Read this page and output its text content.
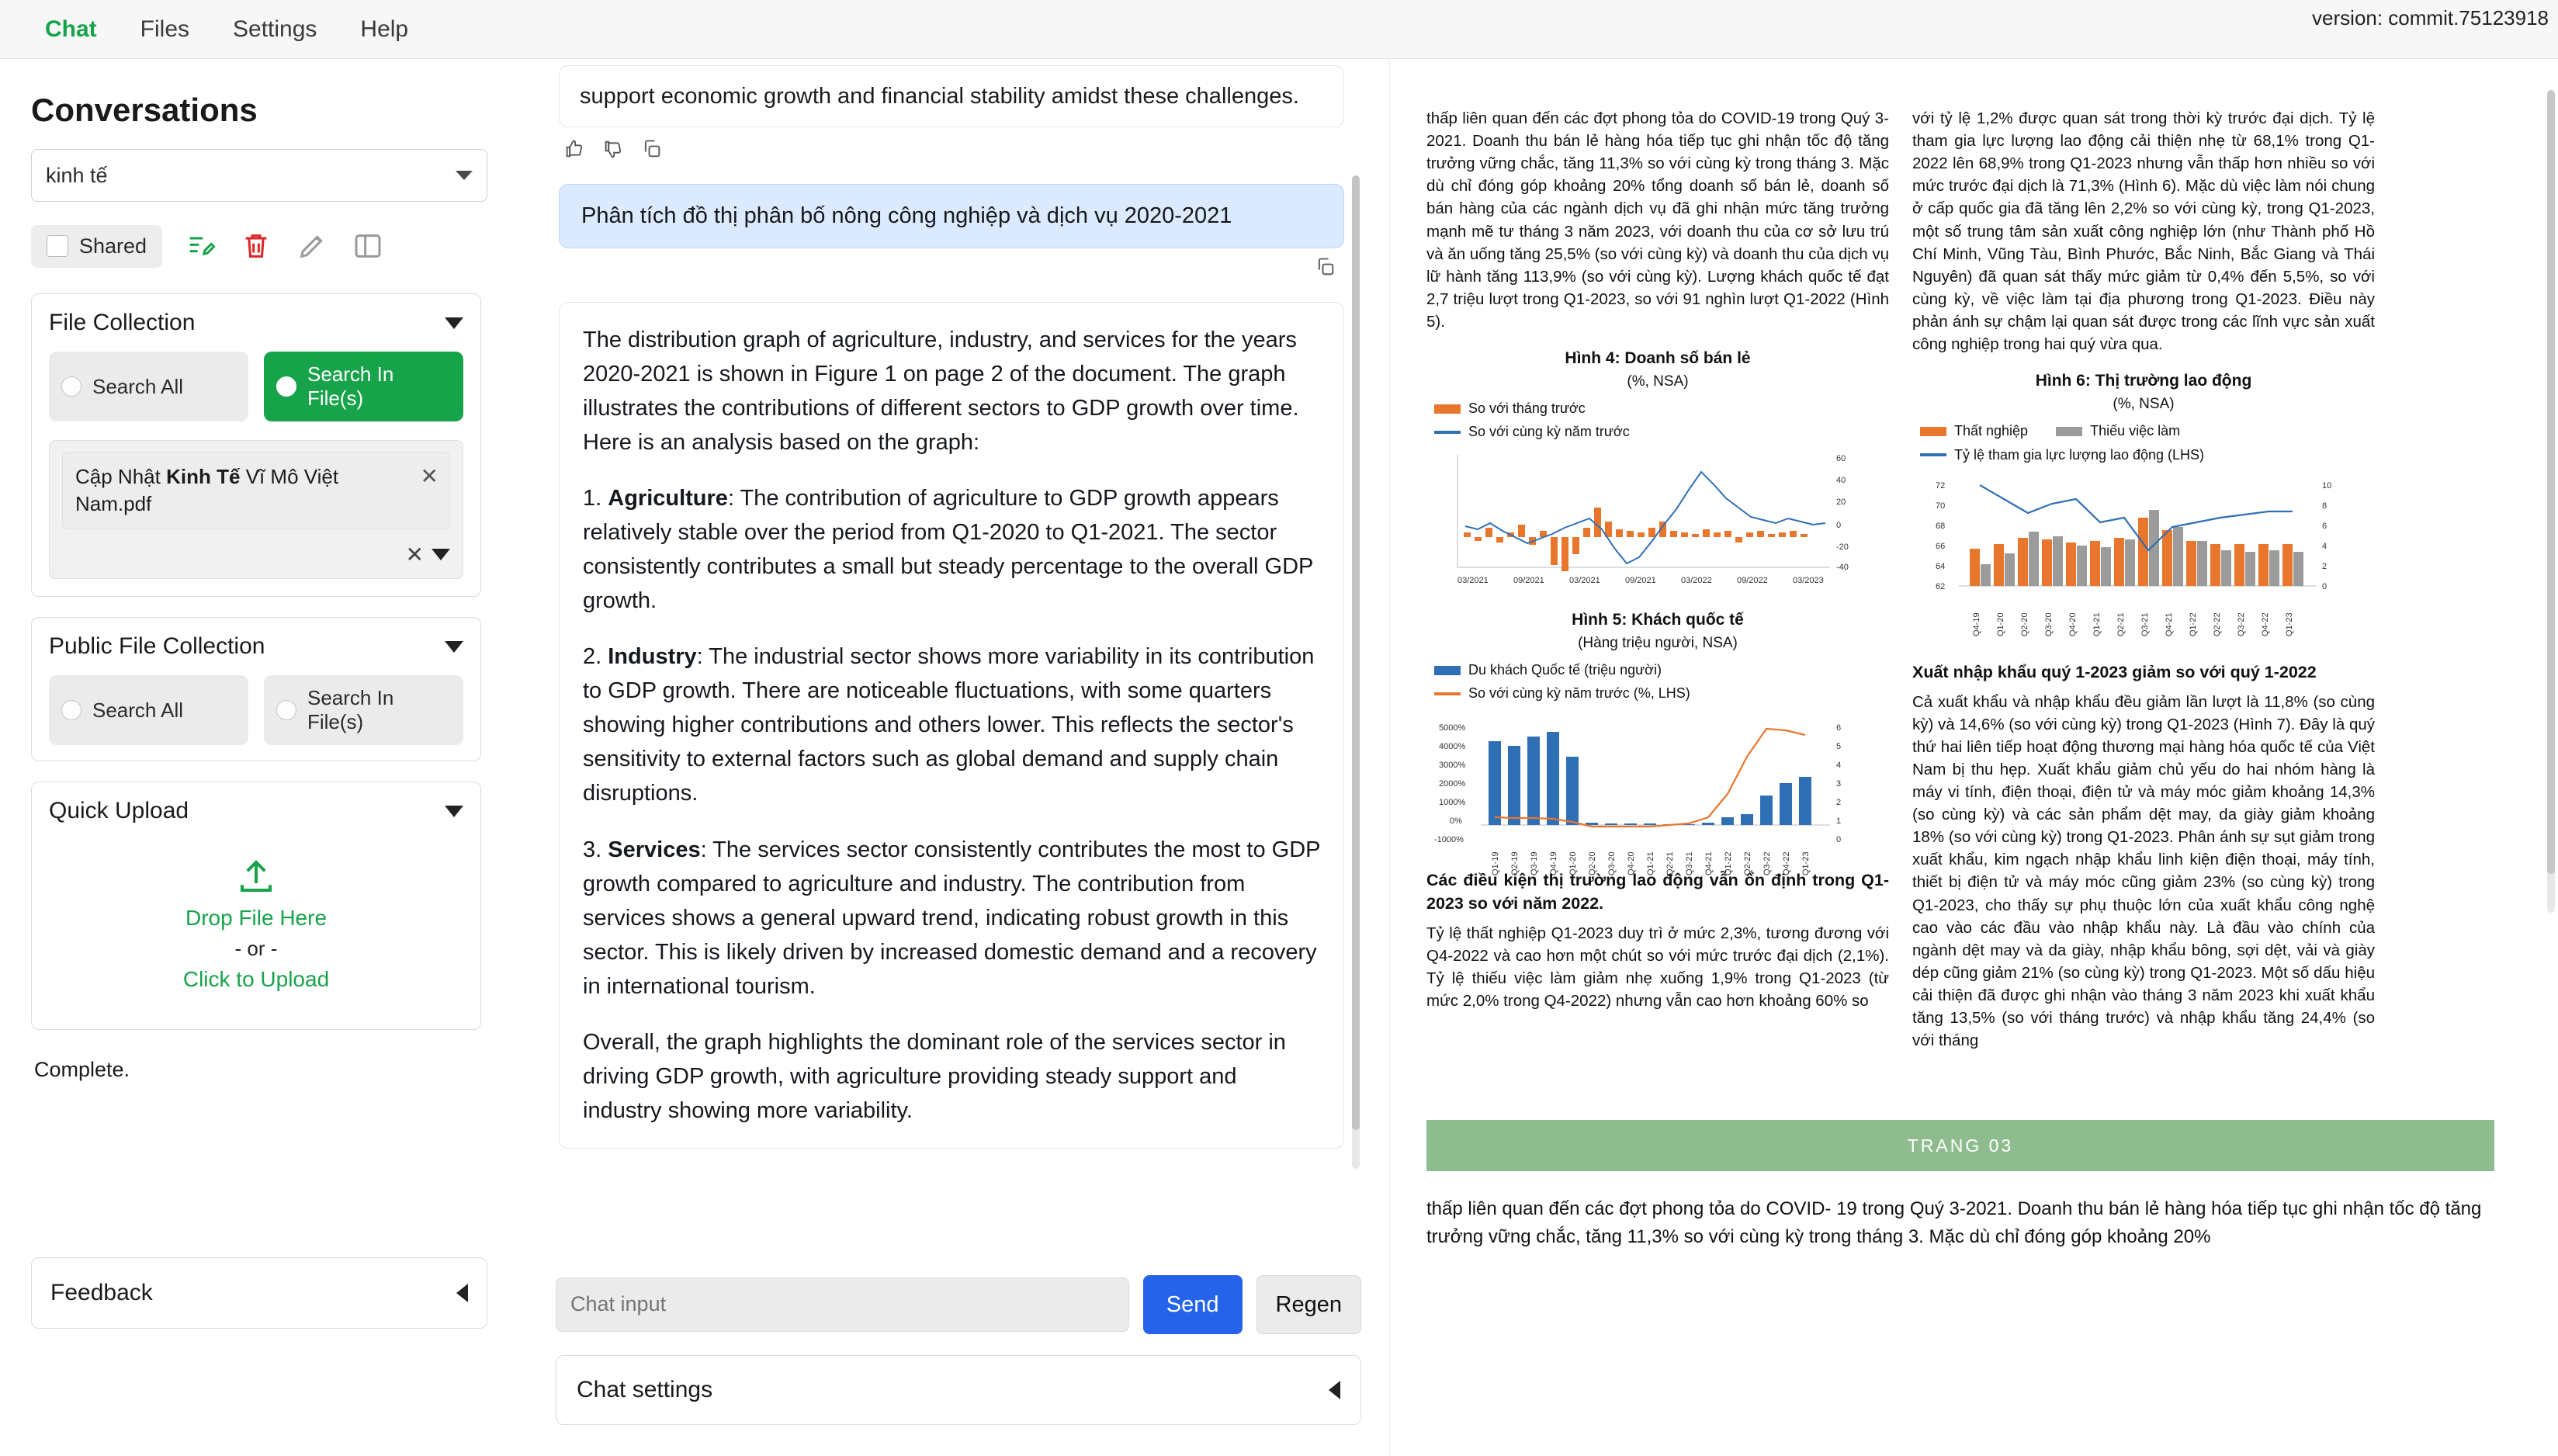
Chat	Files	Settings	Help	version: commit.75123918
Conversations
kinh tế
Shared
File Collection
Search All
Search In File(s)
Cập Nhật Kinh Tế Vĩ Mô Việt Nam.pdf
✕
✕
Public File Collection
Search All
Search In File(s)
Quick Upload
Drop File Here
- or -
Click to Upload
Complete.
Feedback
support economic growth and financial stability amidst these challenges.
Phân tích đồ thị phân bố nông công nghiệp và dịch vụ 2020-2021

The distribution graph of agriculture, industry, and services for the years 2020-2021 is shown in Figure 1 on page 2 of the document. The graph illustrates the contributions of different sectors to GDP growth over time. Here is an analysis based on the graph:

1. Agriculture: The contribution of agriculture to GDP growth appears relatively stable over the period from Q1-2020 to Q1-2021. The sector consistently contributes a small but steady percentage to the overall GDP growth.

2. Industry: The industrial sector shows more variability in its contribution to GDP growth. There are noticeable fluctuations, with some quarters showing higher contributions and others lower. This reflects the sector's sensitivity to external factors such as global demand and supply chain disruptions.

3. Services: The services sector consistently contributes the most to GDP growth compared to agriculture and industry. The contribution from services shows a general upward trend, indicating robust growth in this sector. This is likely driven by increased domestic demand and a recovery in international tourism.

Overall, the graph highlights the dominant role of the services sector in driving GDP growth, with agriculture providing steady support and industry showing more variability.

Chat input
Send	Regen
Chat settings

thấp liên quan đến các đợt phong tỏa do COVID-19 trong Quý 3-2021. Doanh thu bán lẻ hàng hóa tiếp tục ghi nhận tốc độ tăng trưởng vững chắc, tăng 11,3% so với cùng kỳ trong tháng 3. Mặc dù chỉ đóng góp khoảng 20% tổng doanh số bán lẻ, doanh số bán hàng của các ngành dịch vụ đã ghi nhận mức tăng trưởng mạnh mẽ tư tháng 3 năm 2023, với doanh thu của cơ sở lưu trú và ăn uống tăng 25,5% (so với cùng kỳ) và doanh thu của dịch vụ lữ hành tăng 113,9% (so với cùng kỳ). Lượng khách quốc tế đạt 2,7 triệu lượt trong Q1-2023, so với 91 nghìn lượt Q1-2022 (Hình 5).

Hình 4: Doanh số bán lẻ
(%, NSA)
So với tháng trước
So với cùng kỳ năm trước
60
40
20
0
-20
-40
03/2021	09/2021	03/2021	09/2021	03/2022	09/2022	03/2023
Hình 5: Khách quốc tế
(Hàng triệu người, NSA)
Du khách Quốc tế (triệu người)
So với cùng kỳ năm trước (%, LHS)
5000%
4000%
3000%
2000%
1000%
0%
-1000%
6
5
4
3
2
1
0
Q1-19 Q2-19 Q3-19 Q4-19 Q1-20 Q2-20 Q3-20 Q4-20 Q1-21 Q2-21 Q3-21 Q4-21 Q1-22 Q2-22 Q3-22 Q4-22 Q1-23
Các điều kiện thị trường lao động vẫn ổn định trong Q1-2023 so với năm 2022.

Tỷ lệ thất nghiệp Q1-2023 duy trì ở mức 2,3%, tương đương với Q4-2022 và cao hơn một chút so với mức trước đại dịch (2,1%). Tỷ lệ thiếu việc làm giảm nhẹ xuống 1,9% trong Q1-2023 (từ mức 2,0% trong Q4-2022) nhưng vẫn cao hơn khoảng 60% so

với tỷ lệ 1,2% được quan sát trong thời kỳ trước đại dịch. Tỷ lệ tham gia lực lượng lao động cải thiện nhẹ từ 68,1% trong Q1-2022 lên 68,9% trong Q1-2023 nhưng vẫn thấp hơn nhiều so với mức trước đại dịch là 71,3% (Hình 6). Mặc dù việc làm nói chung ở cấp quốc gia đã tăng lên 2,2% so với cùng kỳ, trong Q1-2023, một số trung tâm sản xuất công nghiệp lớn (như Thành phố Hồ Chí Minh, Vũng Tàu, Bình Phước, Bắc Ninh, Bắc Giang và Thái Nguyên) đã quan sát thấy mức giảm từ 0,4% đến 5,5%, so với cùng kỳ, về việc làm tại địa phương trong Q1-2023. Điều này phản ánh sự chậm lại quan sát được trong các lĩnh vực sản xuất công nghiệp trong hai quý vừa qua.

Hình 6: Thị trường lao động
(%, NSA)
Thất nghiệp	Thiếu việc làm
Tỷ lệ tham gia lực lượng lao động (LHS)
72
70
68
66
64
62
10
8
6
4
2
0
Q4-19 Q1-20 Q2-20 Q3-20 Q4-20 Q1-21 Q2-21 Q3-21 Q4-21 Q1-22 Q2-22 Q3-22 Q4-22 Q1-23
Xuất nhập khẩu quý 1-2023 giảm so với quý 1-2022

Cả xuất khẩu và nhập khẩu đều giảm lần lượt là 11,8% (so cùng kỳ) và 14,6% (so với cùng kỳ) trong Q1-2023 (Hình 7). Đây là quý thứ hai liên tiếp hoạt động thương mại hàng hóa quốc tế của Việt Nam bị thu hẹp. Xuất khẩu giảm chủ yếu do hai nhóm hàng là máy vi tính, điện thoại, điện tử và máy móc giảm khoảng 14,3% (so cùng kỳ) và các sản phẩm dệt may, da giày giảm khoảng 18% (so với cùng kỳ) trong Q1-2023. Phân ánh sự sụt giảm trong xuất khẩu, kim ngạch nhập khẩu linh kiện điện thoại, máy tính, thiết bị điện tử và máy móc cũng giảm 23% (so cùng kỳ) trong Q1-2023, cho thấy sự phụ thuộc lớn của xuất khẩu công nghệ cao vào các đầu vào nhập khẩu này. Là đầu vào chính của ngành dệt may và da giày, nhập khẩu bông, sợi dệt, vải và giày dép cũng giảm 21% (so cùng kỳ) trong Q1-2023. Một số dấu hiệu cải thiện đã được ghi nhận vào tháng 3 năm 2023 khi xuất khẩu tăng 13,5% (so với tháng trước) và nhập khẩu tăng 24,4% (so với tháng

TRANG 03
thấp liên quan đến các đợt phong tỏa do COVID- 19 trong Quý 3-2021. Doanh thu bán lẻ hàng hóa tiếp tục ghi nhận tốc độ tăng trưởng vững chắc, tăng 11,3% so với cùng kỳ trong tháng 3. Mặc dù chỉ đóng góp khoảng 20%
